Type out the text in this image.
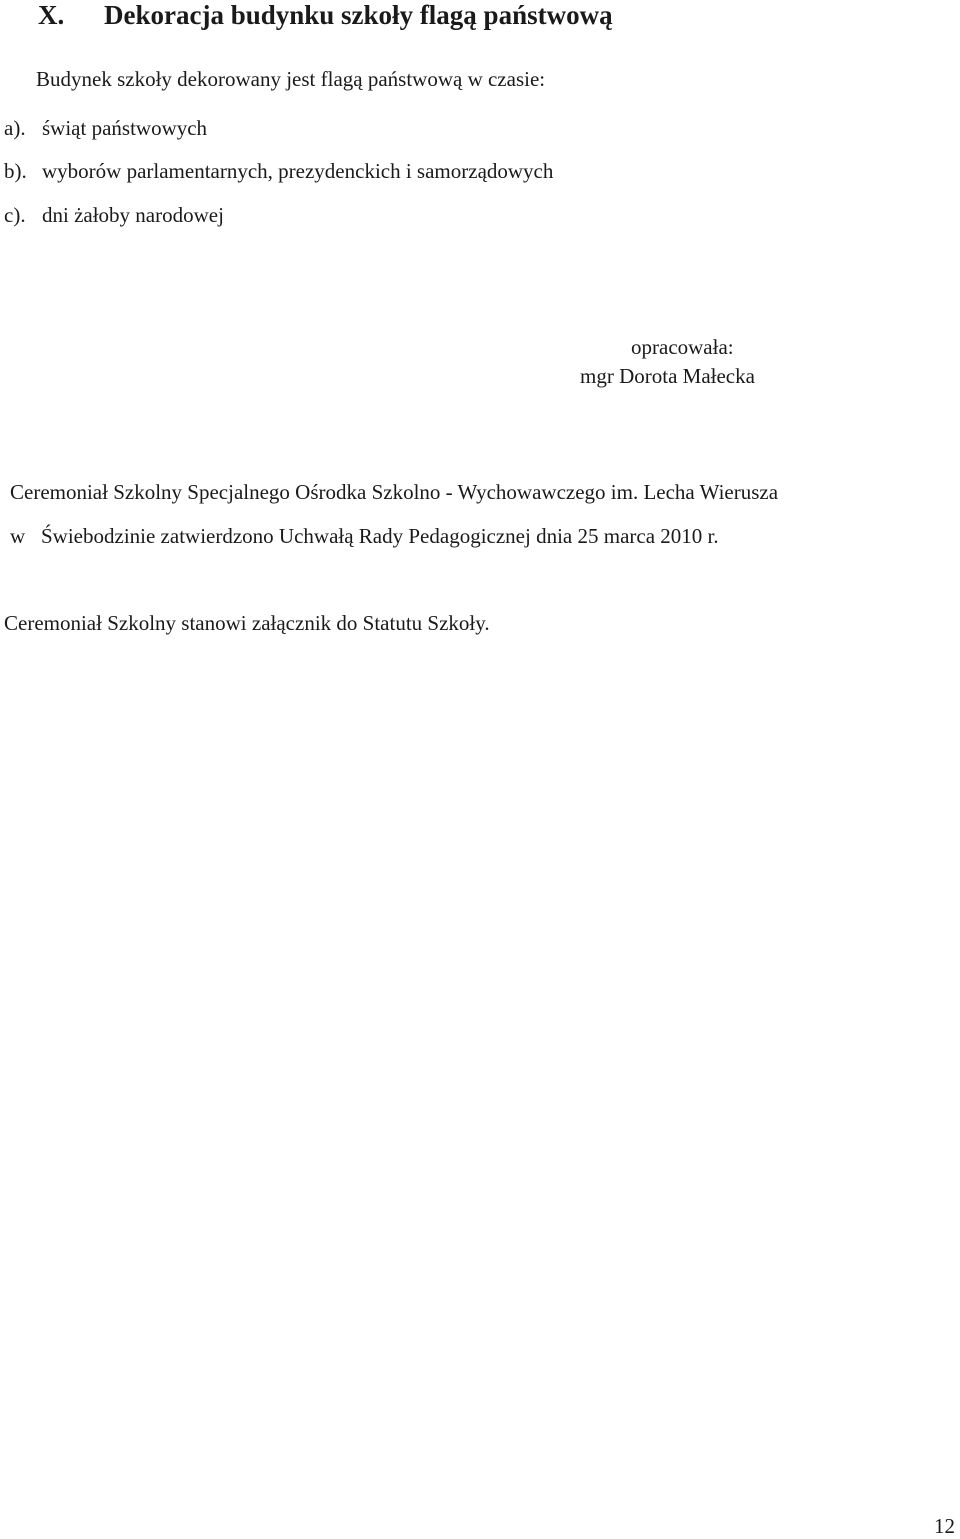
X. Dekoracja budynku szkoły flagą państwową

Budynek szkoły dekorowany jest flagą państwową w czasie:

a). świąt państwowych

b). wyborów parlamentarnych, prezydenckich i samorządowych

c). dni żałoby narodowej

opracowała:

mgr Dorota Małecka

Ceremoniał Szkolny Specjalnego Ośrodka Szkolno - Wychowawczego im. Lecha Wierusza

w Świebodzinie zatwierdzono Uchwałą Rady Pedagogicznej dnia 25 marca 2010 r.

Ceremoniał Szkolny stanowi załącznik do Statutu Szkoły.

12
